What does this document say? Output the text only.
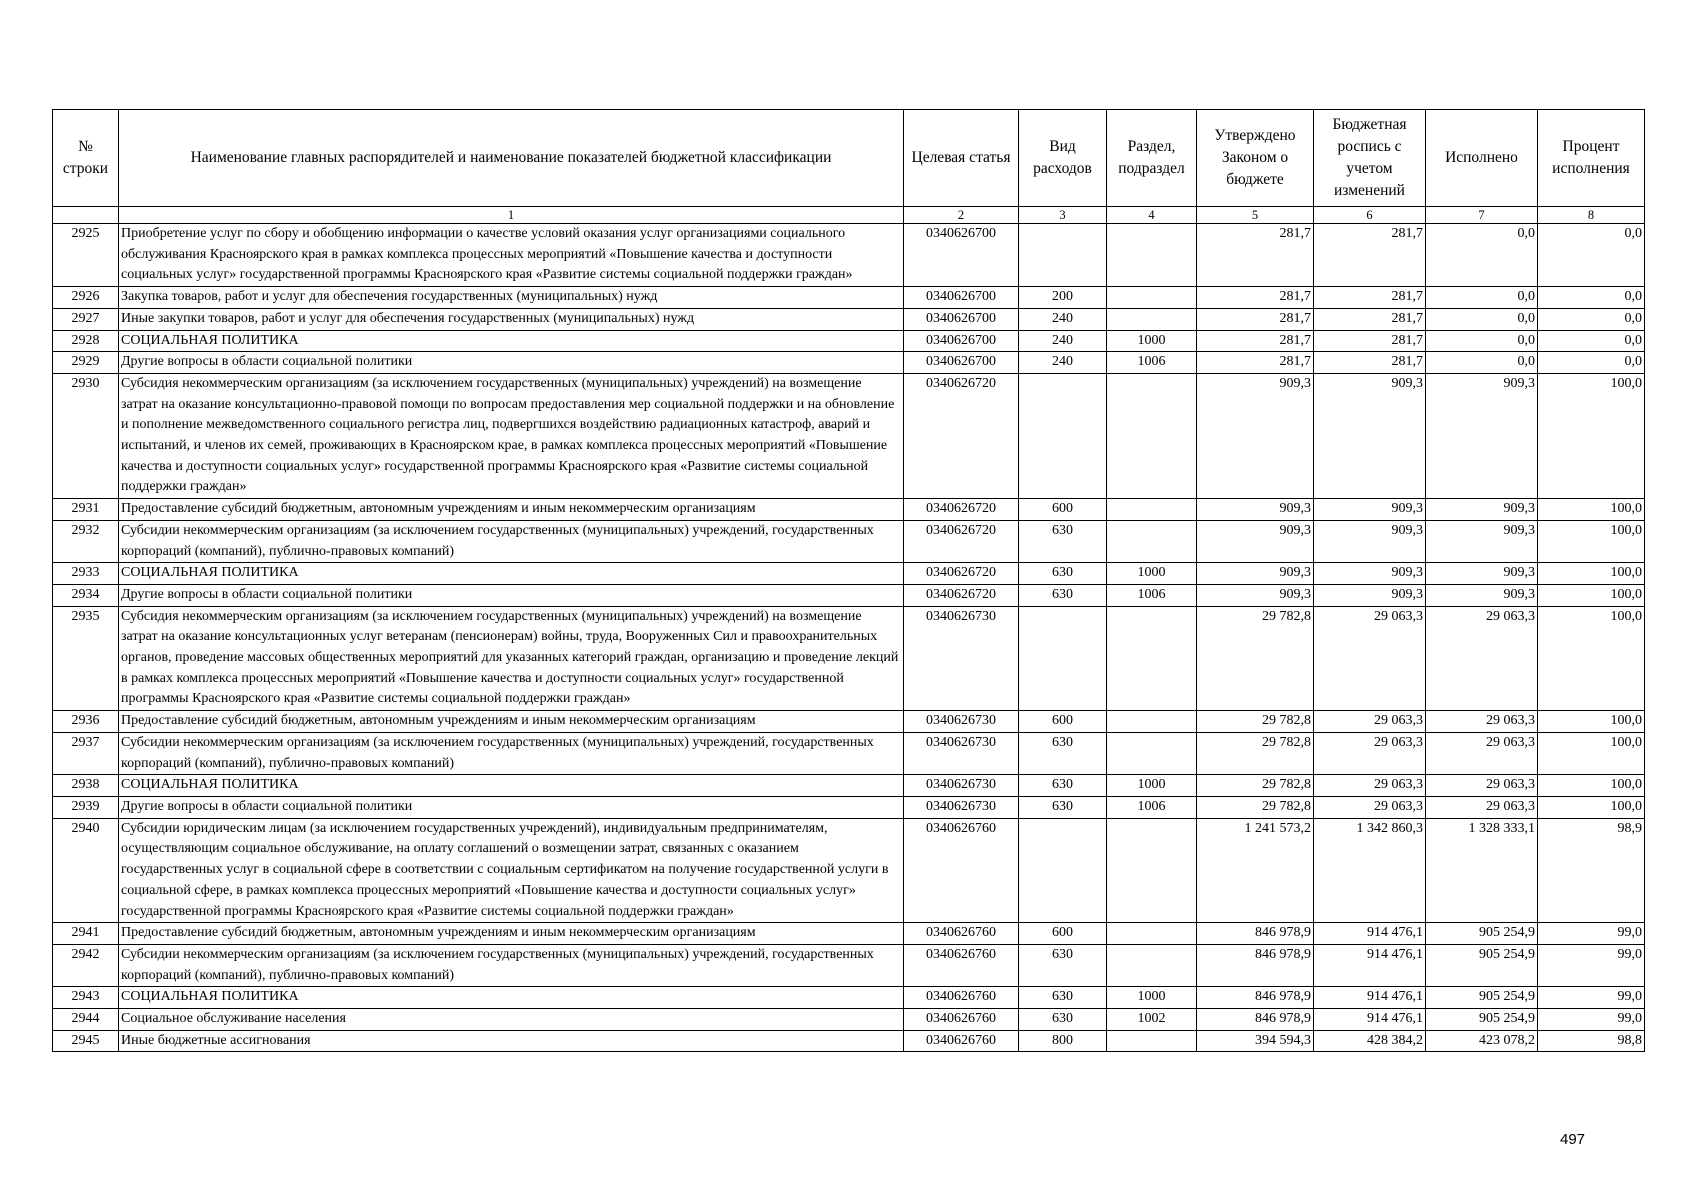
№ строки	Наименование главных распорядителей и наименование показателей бюджетной классификации	Целевая статья	Вид расходов	Раздел, подраздел	Утверждено Законом о бюджете	Бюджетная роспись с учетом изменений	Исполнено	Процент исполнения
	1	2	3	4	5	6	7	8
2925	Приобретение услуг по сбору и обобщению информации о качестве условий оказания услуг организациями социального обслуживания Красноярского края в рамках комплекса процессных мероприятий «Повышение качества и доступности социальных услуг» государственной программы Красноярского края «Развитие системы социальной поддержки граждан»	0340626700			281,7	281,7	0,0	0,0
2926	Закупка товаров, работ и услуг для обеспечения государственных (муниципальных) нужд	0340626700	200		281,7	281,7	0,0	0,0
2927	Иные закупки товаров, работ и услуг для обеспечения государственных (муниципальных) нужд	0340626700	240		281,7	281,7	0,0	0,0
2928	СОЦИАЛЬНАЯ ПОЛИТИКА	0340626700	240	1000	281,7	281,7	0,0	0,0
2929	Другие вопросы в области социальной политики	0340626700	240	1006	281,7	281,7	0,0	0,0
2930	Субсидия некоммерческим организациям (за исключением государственных (муниципальных) учреждений) на возмещение затрат на оказание консультационно-правовой помощи по вопросам предоставления мер социальной поддержки и на обновление и пополнение межведомственного социального регистра лиц, подвергшихся воздействию радиационных катастроф, аварий и испытаний, и членов их семей, проживающих в Красноярском крае, в рамках комплекса процессных мероприятий «Повышение качества и доступности социальных услуг» государственной программы Красноярского края «Развитие системы социальной поддержки граждан»	0340626720			909,3	909,3	909,3	100,0
2931	Предоставление субсидий бюджетным, автономным учреждениям и иным некоммерческим организациям	0340626720	600		909,3	909,3	909,3	100,0
2932	Субсидии некоммерческим организациям (за исключением государственных (муниципальных) учреждений, государственных корпораций (компаний), публично-правовых компаний)	0340626720	630		909,3	909,3	909,3	100,0
2933	СОЦИАЛЬНАЯ ПОЛИТИКА	0340626720	630	1000	909,3	909,3	909,3	100,0
2934	Другие вопросы в области социальной политики	0340626720	630	1006	909,3	909,3	909,3	100,0
2935	Субсидия некоммерческим организациям (за исключением государственных (муниципальных) учреждений) на возмещение затрат на оказание консультационных услуг ветеранам (пенсионерам) войны, труда, Вооруженных Сил и правоохранительных органов, проведение массовых общественных мероприятий для указанных категорий граждан, организацию и проведение лекций в рамках комплекса процессных мероприятий «Повышение качества и доступности социальных услуг» государственной программы Красноярского края «Развитие системы социальной поддержки граждан»	0340626730			29 782,8	29 063,3	29 063,3	100,0
2936	Предоставление субсидий бюджетным, автономным учреждениям и иным некоммерческим организациям	0340626730	600		29 782,8	29 063,3	29 063,3	100,0
2937	Субсидии некоммерческим организациям (за исключением государственных (муниципальных) учреждений, государственных корпораций (компаний), публично-правовых компаний)	0340626730	630		29 782,8	29 063,3	29 063,3	100,0
2938	СОЦИАЛЬНАЯ ПОЛИТИКА	0340626730	630	1000	29 782,8	29 063,3	29 063,3	100,0
2939	Другие вопросы в области социальной политики	0340626730	630	1006	29 782,8	29 063,3	29 063,3	100,0
2940	Субсидии юридическим лицам (за исключением государственных учреждений), индивидуальным предпринимателям, осуществляющим социальное обслуживание, на оплату соглашений о возмещении затрат, связанных с оказанием государственных услуг в социальной сфере в соответствии с социальным сертификатом на получение государственной услуги в социальной сфере, в рамках комплекса процессных мероприятий «Повышение качества и доступности социальных услуг» государственной программы Красноярского края «Развитие системы социальной поддержки граждан»	0340626760			1 241 573,2	1 342 860,3	1 328 333,1	98,9
2941	Предоставление субсидий бюджетным, автономным учреждениям и иным некоммерческим организациям	0340626760	600		846 978,9	914 476,1	905 254,9	99,0
2942	Субсидии некоммерческим организациям (за исключением государственных (муниципальных) учреждений, государственных корпораций (компаний), публично-правовых компаний)	0340626760	630		846 978,9	914 476,1	905 254,9	99,0
2943	СОЦИАЛЬНАЯ ПОЛИТИКА	0340626760	630	1000	846 978,9	914 476,1	905 254,9	99,0
2944	Социальное обслуживание населения	0340626760	630	1002	846 978,9	914 476,1	905 254,9	99,0
2945	Иные бюджетные ассигнования	0340626760	800		394 594,3	428 384,2	423 078,2	98,8
497
